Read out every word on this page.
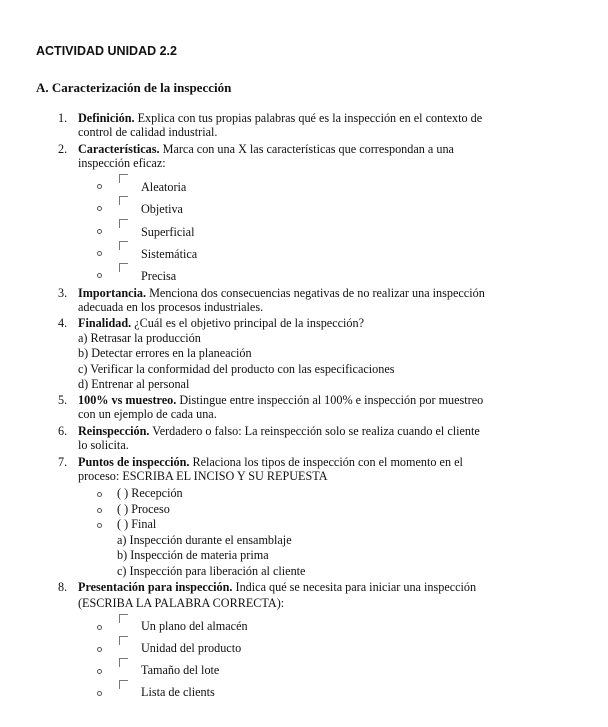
ACTIVIDAD UNIDAD 2.2
A. Caracterización de la inspección
1. Definición. Explica con tus propias palabras qué es la inspección en el contexto de
control de calidad industrial.
2. Características. Marca con una X las características que correspondan a una
inspección eficaz:
Aleatoria
Objetiva
Superficial
Sistemática
Precisa
3. Importancia. Menciona dos consecuencias negativas de no realizar una inspección
adecuada en los procesos industriales.
4. Finalidad. ¿Cuál es el objetivo principal de la inspección?
a) Retrasar la producción
b) Detectar errores en la planeación
c) Verificar la conformidad del producto con las especificaciones
d) Entrenar al personal
5. 100% vs muestreo. Distingue entre inspección al 100% e inspección por muestreo
con un ejemplo de cada una.
6. Reinspección. Verdadero o falso: La reinspección solo se realiza cuando el cliente
lo solicita.
7. Puntos de inspección. Relaciona los tipos de inspección con el momento en el
proceso: ESCRIBA EL INCISO Y SU REPUESTA
( ) Recepción
( ) Proceso
( ) Final
a) Inspección durante el ensamblaje
b) Inspección de materia prima
c) Inspección para liberación al cliente
8. Presentación para inspección. Indica qué se necesita para iniciar una inspección
(ESCRIBA LA PALABRA CORRECTA):
Un plano del almacén
Unidad del producto
Tamaño del lote
Lista de clients
